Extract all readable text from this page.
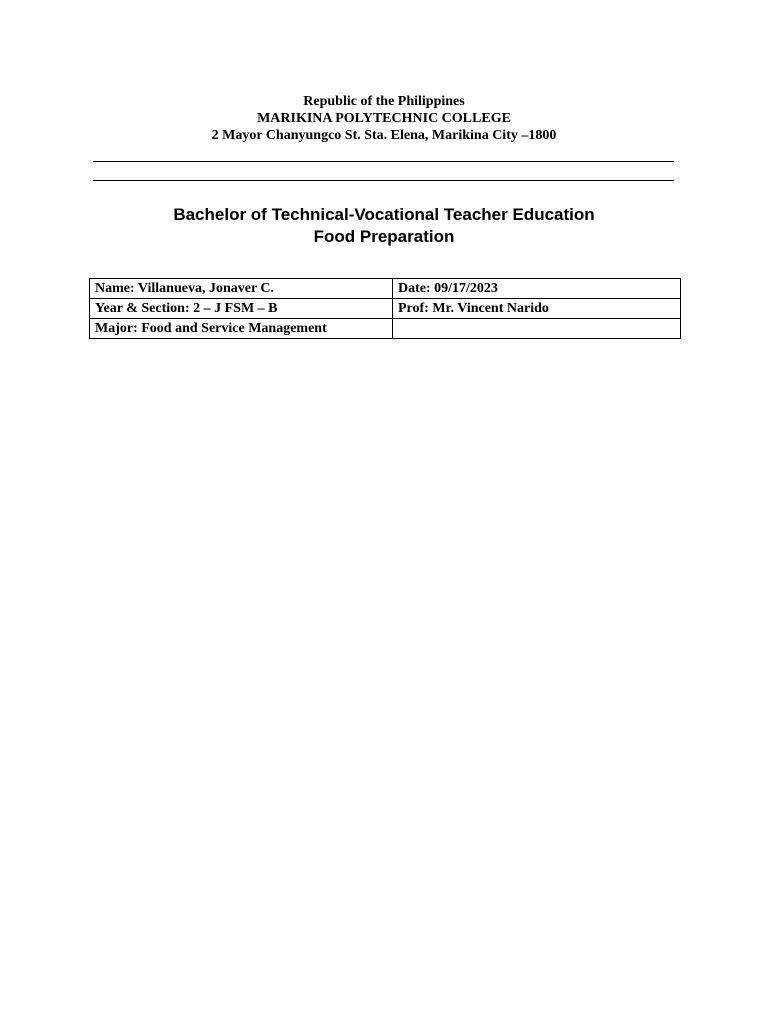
Republic of the Philippines
MARIKINA POLYTECHNIC COLLEGE
2 Mayor Chanyungco St. Sta. Elena, Marikina City –1800
Bachelor of Technical-Vocational Teacher Education
Food Preparation
Name: Villanueva, Jonaver C.	Date: 09/17/2023
Year & Section: 2 – J FSM – B	Prof: Mr. Vincent Narido
Major: Food and Service Management	
